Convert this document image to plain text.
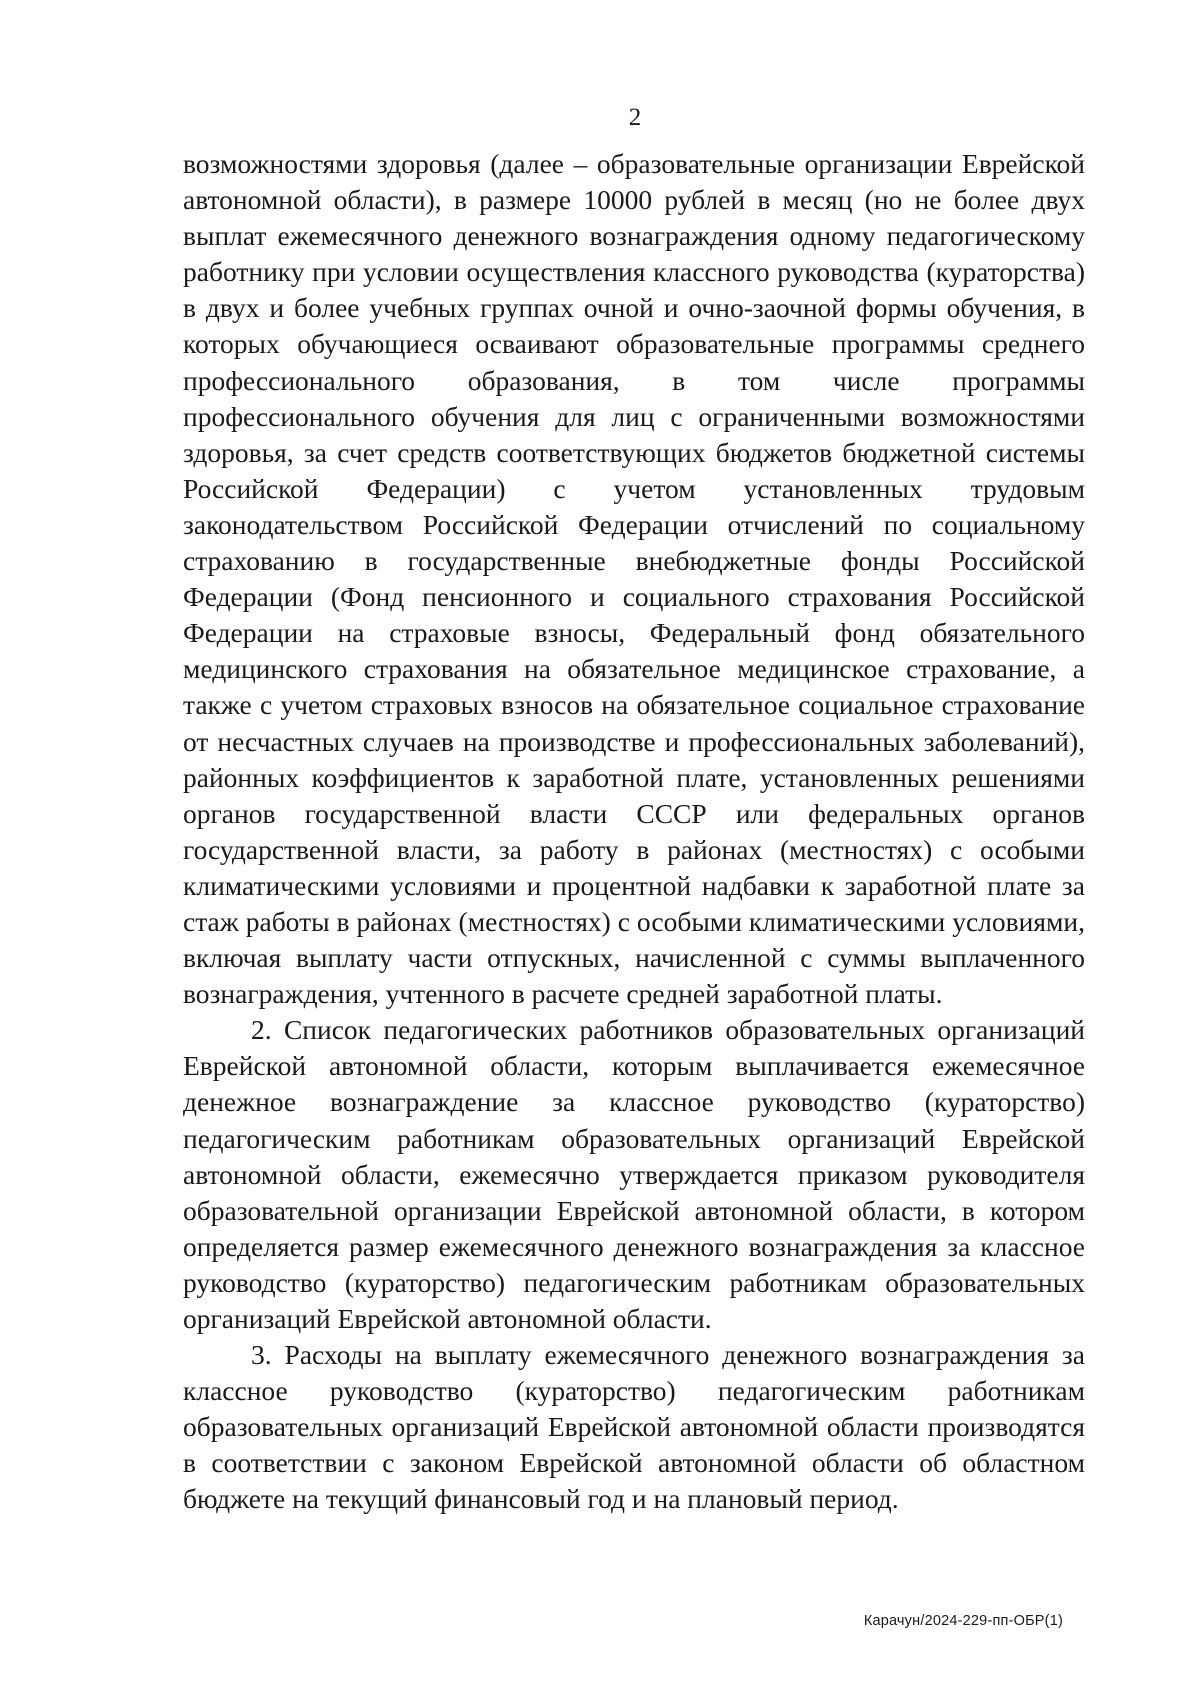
2

возможностями здоровья (далее – образовательные организации Еврейской автономной области), в размере 10000 рублей в месяц (но не более двух выплат ежемесячного денежного вознаграждения одному педагогическому работнику при условии осуществления классного руководства (кураторства) в двух и более учебных группах очной и очно-заочной формы обучения, в которых обучающиеся осваивают образовательные программы среднего профессионального образования, в том числе программы профессионального обучения для лиц с ограниченными возможностями здоровья, за счет средств соответствующих бюджетов бюджетной системы Российской Федерации) с учетом установленных трудовым законодательством Российской Федерации отчислений по социальному страхованию в государственные внебюджетные фонды Российской Федерации (Фонд пенсионного и социального страхования Российской Федерации на страховые взносы, Федеральный фонд обязательного медицинского страхования на обязательное медицинское страхование, а также с учетом страховых взносов на обязательное социальное страхование от несчастных случаев на производстве и профессиональных заболеваний), районных коэффициентов к заработной плате, установленных решениями органов государственной власти СССР или федеральных органов государственной власти, за работу в районах (местностях) с особыми климатическими условиями и процентной надбавки к заработной плате за стаж работы в районах (местностях) с особыми климатическими условиями, включая выплату части отпускных, начисленной с суммы выплаченного вознаграждения, учтенного в расчете средней заработной платы.

2. Список педагогических работников образовательных организаций Еврейской автономной области, которым выплачивается ежемесячное денежное вознаграждение за классное руководство (кураторство) педагогическим работникам образовательных организаций Еврейской автономной области, ежемесячно утверждается приказом руководителя образовательной организации Еврейской автономной области, в котором определяется размер ежемесячного денежного вознаграждения за классное руководство (кураторство) педагогическим работникам образовательных организаций Еврейской автономной области.

3. Расходы на выплату ежемесячного денежного вознаграждения за классное руководство (кураторство) педагогическим работникам образовательных организаций Еврейской автономной области производятся в соответствии с законом Еврейской автономной области об областном бюджете на текущий финансовый год и на плановый период.

Карачун/2024-229-пп-ОБР(1)
